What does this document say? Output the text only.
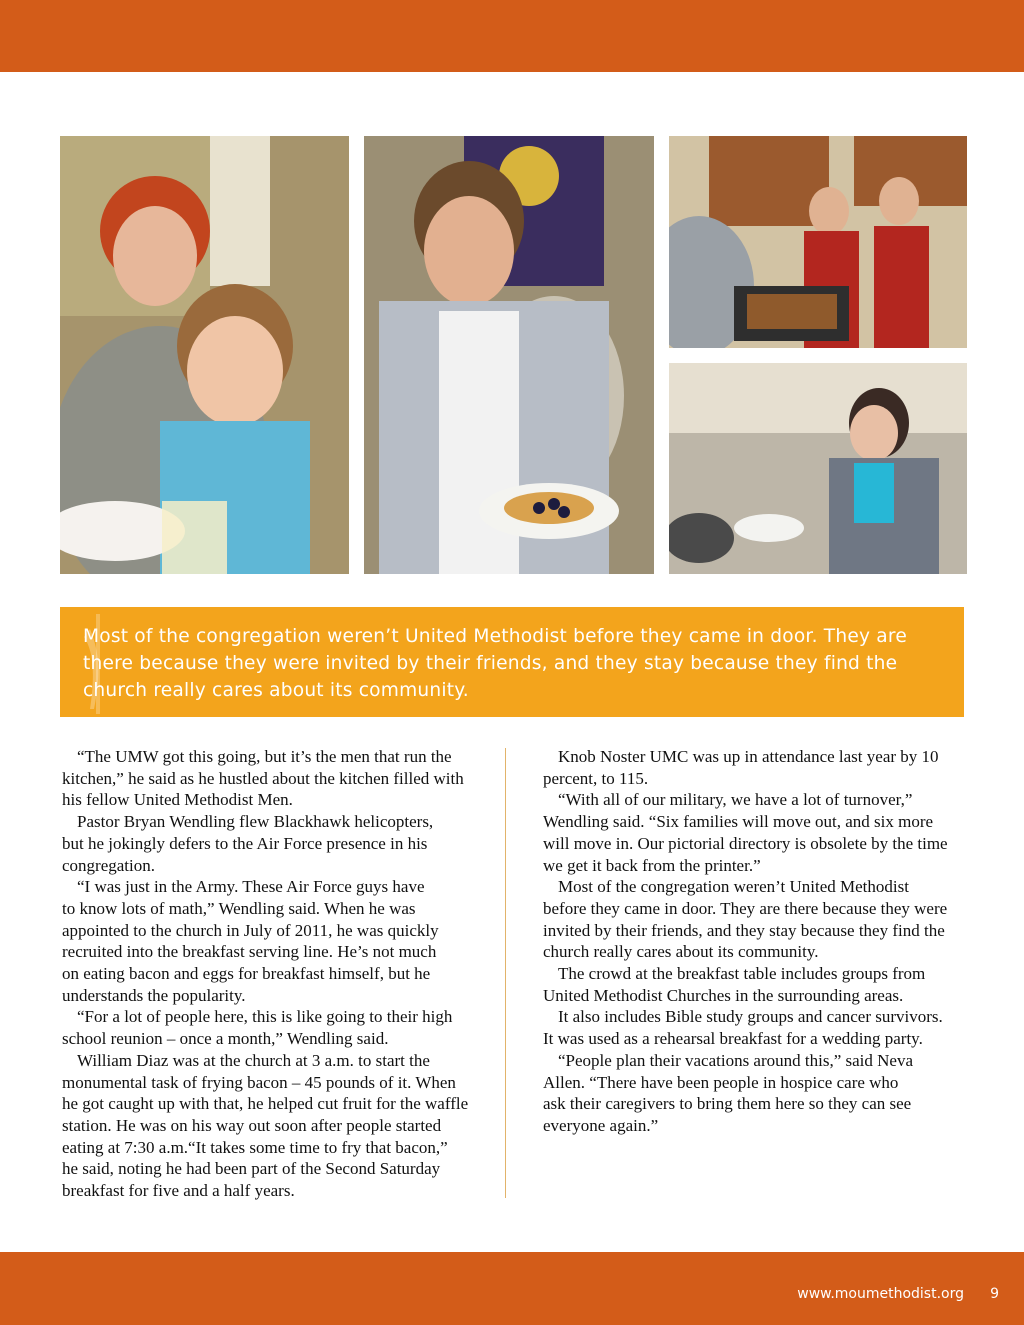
Most of the congregation weren’t United Methodist before they came in door. They are there because they were invited by their friends, and they stay because they find the church really cares about its community.

“The UMW got this going, but it’s the men that run the
kitchen,” he said as he hustled about the kitchen filled with
his fellow United Methodist Men.

Pastor Bryan Wendling flew Blackhawk helicopters,
but he jokingly defers to the Air Force presence in his
congregation.

“I was just in the Army. These Air Force guys have
to know lots of math,” Wendling said. When he was
appointed to the church in July of 2011, he was quickly
recruited into the breakfast serving line. He’s not much
on eating bacon and eggs for breakfast himself, but he
understands the popularity.

“For a lot of people here, this is like going to their high
school reunion – once a month,” Wendling said.

William Diaz was at the church at 3 a.m. to start the
monumental task of frying bacon – 45 pounds of it. When
he got caught up with that, he helped cut fruit for the waffle
station. He was on his way out soon after people started
eating at 7:30 a.m.“It takes some time to fry that bacon,”
he said, noting he had been part of the Second Saturday
breakfast for five and a half years.

Knob Noster UMC was up in attendance last year by 10
percent, to 115.

“With all of our military, we have a lot of turnover,”
Wendling said. “Six families will move out, and six more
will move in. Our pictorial directory is obsolete by the time
we get it back from the printer.”

Most of the congregation weren’t United Methodist
before they came in door. They are there because they were
invited by their friends, and they stay because they find the
church really cares about its community.

The crowd at the breakfast table includes groups from
United Methodist Churches in the surrounding areas.

It also includes Bible study groups and cancer survivors.
It was used as a rehearsal breakfast for a wedding party.

“People plan their vacations around this,” said Neva
Allen. “There have been people in hospice care who
ask their caregivers to bring them here so they can see
everyone again.”

www.moumethodist.org 9
